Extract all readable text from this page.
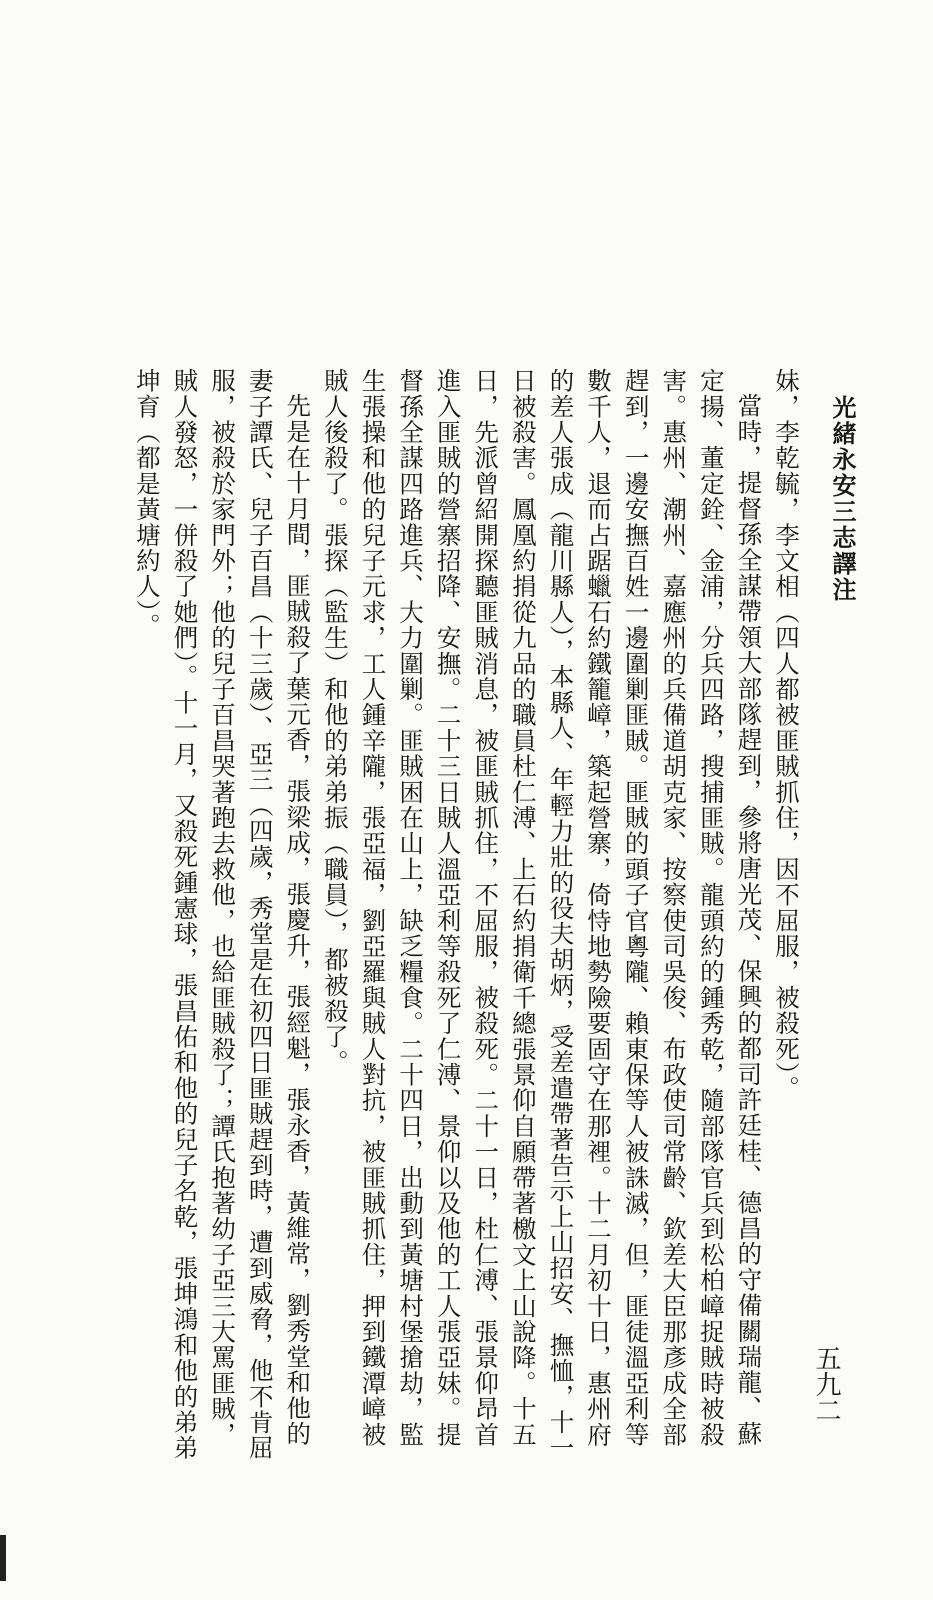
光緒永安三志譯注
五九二

妹，李乾毓，李文相（四人都被匪賊抓住，因不屈服，被殺死）。

當時，提督孫全謀帶領大部隊趕到，參將唐光茂、保興的都司許廷桂、德昌的守備關瑞龍、蘇定揚、董定銓、金浦，分兵四路，搜捕匪賊。龍頭約的鍾秀乾，隨部隊官兵到松柏嶂捉賊時被殺害。惠州、潮州、嘉應州的兵備道胡克家、按察使司吳俊、布政使司常齡、欽差大臣那彥成全部趕到，一邊安撫百姓一邊圍剿匪賊。匪賊的頭子官粵隴、賴東保等人被誅滅，但，匪徒溫亞利等數千人，退而占踞蠟石約鐵籠嶂，築起營寨，倚恃地勢險要固守在那裡。十二月初十日，惠州府的差人張成（龍川縣人），本縣人、年輕力壯的役夫胡炳，受差遣帶著告示上山招安、撫恤，十一日被殺害。鳳凰約捐從九品的職員杜仁溥、上石約捐衛千總張景仰自願帶著檄文上山說降。十五日，先派曾紹開探聽匪賊消息，被匪賊抓住，不屈服，被殺死。二十一日，杜仁溥、張景仰昂首進入匪賊的營寨招降、安撫。二十三日賊人溫亞利等殺死了仁溥、景仰以及他的工人張亞妹。提督孫全謀四路進兵、大力圍剿。匪賊困在山上，缺乏糧食。二十四日，出動到黃塘村堡搶劫，監生張操和他的兒子元求，工人鍾辛隴，張亞福，劉亞羅與賊人對抗，被匪賊抓住，押到鐵潭嶂被賊人後殺了。張探（監生）和他的弟弟振（職員），都被殺了。

先是在十月間，匪賊殺了葉元香，張梁成，張慶升，張經魁，張永香，黃維常，劉秀堂和他的妻子譚氏、兒子百昌（十三歲）、亞三（四歲，秀堂是在初四日匪賊趕到時，遭到威脅，他不肯屈服，被殺於家門外；他的兒子百昌哭著跑去救他，也給匪賊殺了；譚氏抱著幼子亞三大罵匪賊，賊人發怒，一併殺了她們）。十一月，又殺死鍾憲球，張昌佑和他的兒子名乾，張坤鴻和他的弟弟坤育（都是黃塘約人）。
